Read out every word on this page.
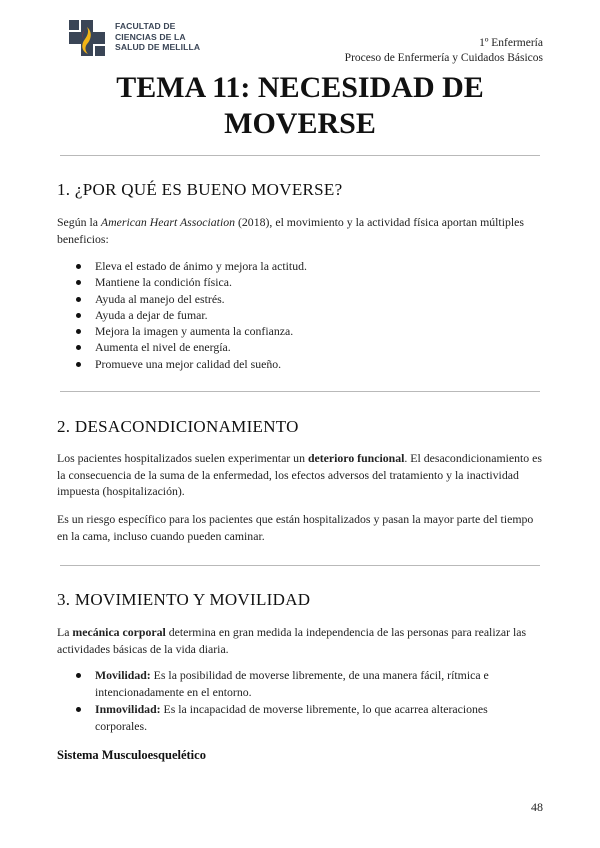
FACULTAD DE
CIENCIAS DE LA
SALUD DE MELILLA	1º Enfermería
Proceso de Enfermería y Cuidados Básicos
TEMA 11: NECESIDAD DE
MOVERSE
1. ¿POR QUÉ ES BUENO MOVERSE?

Según la American Heart Association (2018), el movimiento y la actividad física aportan múltiples beneficios:

Eleva el estado de ánimo y mejora la actitud.
Mantiene la condición física.
Ayuda al manejo del estrés.
Ayuda a dejar de fumar.
Mejora la imagen y aumenta la confianza.
Aumenta el nivel de energía.
Promueve una mejor calidad del sueño.
2. DESACONDICIONAMIENTO

Los pacientes hospitalizados suelen experimentar un deterioro funcional. El desacondicionamiento es la consecuencia de la suma de la enfermedad, los efectos adversos del tratamiento y la inactividad impuesta (hospitalización).

Es un riesgo específico para los pacientes que están hospitalizados y pasan la mayor parte del tiempo en la cama, incluso cuando pueden caminar.

3. MOVIMIENTO Y MOVILIDAD

La mecánica corporal determina en gran medida la independencia de las personas para realizar las actividades básicas de la vida diaria.

Movilidad: Es la posibilidad de moverse libremente, de una manera fácil, rítmica e intencionadamente en el entorno.
Inmovilidad: Es la incapacidad de moverse libremente, lo que acarrea alteraciones corporales.
Sistema Musculoesquelético
48
